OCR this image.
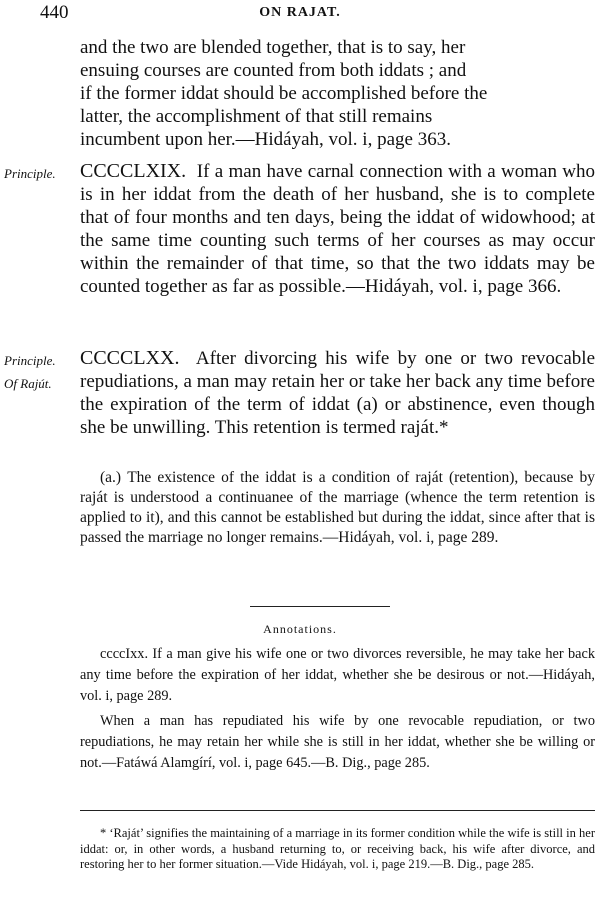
440	ON RAJAT.
and the two are blended together, that is to say, her
ensuing courses are counted from both iddats ; and
if the former iddat should be accomplished before the
latter, the accomplishment of that still remains
incumbent upon her.—Hidáyah, vol. i, page 363.
Principle. CCCCLXIX. If a man have carnal connection with a woman who is in her iddat from the death of her husband, she is to complete that of four months and ten days, being the iddat of widowhood; at the same time counting such terms of her courses as may occur within the remainder of that time, so that the two iddats may be counted together as far as possible.—Hidáyah, vol. i, page 366.

Principle.
Of Rajút.

CCCCLXX. After divorcing his wife by one or two revocable repudiations, a man may retain her or take her back any time before the expiration of the term of iddat (a) or abstinence, even though she be unwilling. This retention is termed raját.*

(a.) The existence of the iddat is a condition of raját (retention), because by raját is understood a continuanee of the marriage (whence the term retention is applied to it), and this cannot be established but during the iddat, since after that is passed the marriage no longer remains.—Hidáyah, vol. i, page 289.

Annotations.

ccccIxx. If a man give his wife one or two divorces reversible, he may take her back any time before the expiration of her iddat, whether she be desirous or not.—Hidáyah, vol. i, page 289.

When a man has repudiated his wife by one revocable repudiation, or two repudiations, he may retain her while she is still in her iddat, whether she be willing or not.—Fatáwá Alamgírí, vol. i, page 645.—B. Dig., page 285.

* ‘Raját’ signifies the maintaining of a marriage in its former condition while the wife is still in her iddat: or, in other words, a husband returning to, or receiving back, his wife after divorce, and restoring her to her former situation.—Vide Hidáyah, vol. i, page 219.—B. Dig., page 285.
